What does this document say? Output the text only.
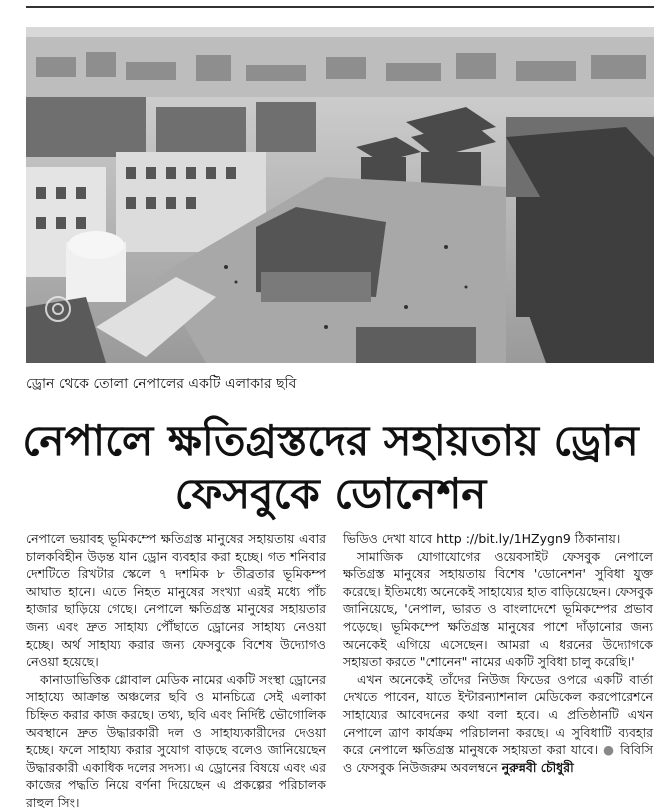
ড্রোন থেকে তোলা নেপালের একটি এলাকার ছবি
নেপালে ক্ষতিগ্রস্তদের সহায়তায় ড্রোন
ফেসবুকে ডোনেশন

নেপালে ভয়াবহ ভূমিকম্পে ক্ষতিগ্রস্ত মানুষের সহায়তায় এবার চালকবিহীন উড়ন্ত যান ড্রোন ব্যবহার করা হচ্ছে। গত শনিবার দেশটিতে রিখটার স্কেলে ৭ দশমিক ৮ তীব্রতার ভূমিকম্প আঘাত হানে। এতে নিহত মানুষের সংখ্যা এরই মধ্যে পাঁচ হাজার ছাড়িয়ে গেছে। নেপালে ক্ষতিগ্রস্ত মানুষের সহায়তার জন্য এবং দ্রুত সাহায্য পৌঁছাতে ড্রোনের সাহায্য নেওয়া হচ্ছে। অর্থ সাহায্য করার জন্য ফেসবুকে বিশেষ উদ্যোগও নেওয়া হয়েছে।

কানাডাভিত্তিক গ্লোবাল মেডিক নামের একটি সংস্থা ড্রোনের সাহায্যে আক্রান্ত অঞ্চলের ছবি ও মানচিত্রে সেই এলাকা চিহ্নিত করার কাজ করছে। তথ্য, ছবি এবং নির্দিষ্ট ভৌগোলিক অবস্থানে দ্রুত উদ্ধারকারী দল ও সাহায্যকারীদের দেওয়া হচ্ছে। ফলে সাহায্য করার সুযোগ বাড়ছে বলেও জানিয়েছেন উদ্ধারকারী একাধিক দলের সদস্য। এ ড্রোনের বিষয়ে এবং এর কাজের পদ্ধতি নিয়ে বর্ণনা দিয়েছেন এ প্রকল্পের পরিচালক রাহুল সিং।

ভিডিও দেখা যাবে http ://bit.ly/1HZygn9 ঠিকানায়।

সামাজিক যোগাযোগের ওয়েবসাইট ফেসবুক নেপালে ক্ষতিগ্রস্ত মানুষের সহায়তায় বিশেষ 'ডোনেশন' সুবিধা যুক্ত করেছে। ইতিমধ্যে অনেকেই সাহায্যের হাত বাড়িয়েছেন। ফেসবুক জানিয়েছে, 'নেপাল, ভারত ও বাংলাদেশে ভূমিকম্পের প্রভাব পড়েছে। ভূমিকম্পে ক্ষতিগ্রস্ত মানুষের পাশে দাঁড়ানোর জন্য অনেকেই এগিয়ে এসেছেন। আমরা এ ধরনের উদ্যোগকে সহায়তা করতে "শোনেন" নামের একটি সুবিধা চালু করেছি।'

এখন অনেকেই তাঁদের নিউজ ফিডের ওপরে একটি বার্তা দেখতে পাবেন, যাতে ইন্টারন্যাশনাল মেডিকেল করপোরেশনে সাহায্যের আবেদনের কথা বলা হবে। এ প্রতিষ্ঠানটি এখন নেপালে ত্রাণ কার্যক্রম পরিচালনা করছে। এ সুবিধাটি ব্যবহার করে নেপালে ক্ষতিগ্রস্ত মানুষকে সহায়তা করা যাবে। ● বিবিসি ও ফেসবুক নিউজরুম অবলম্বনে নুরুন্নবী চৌধুরী
